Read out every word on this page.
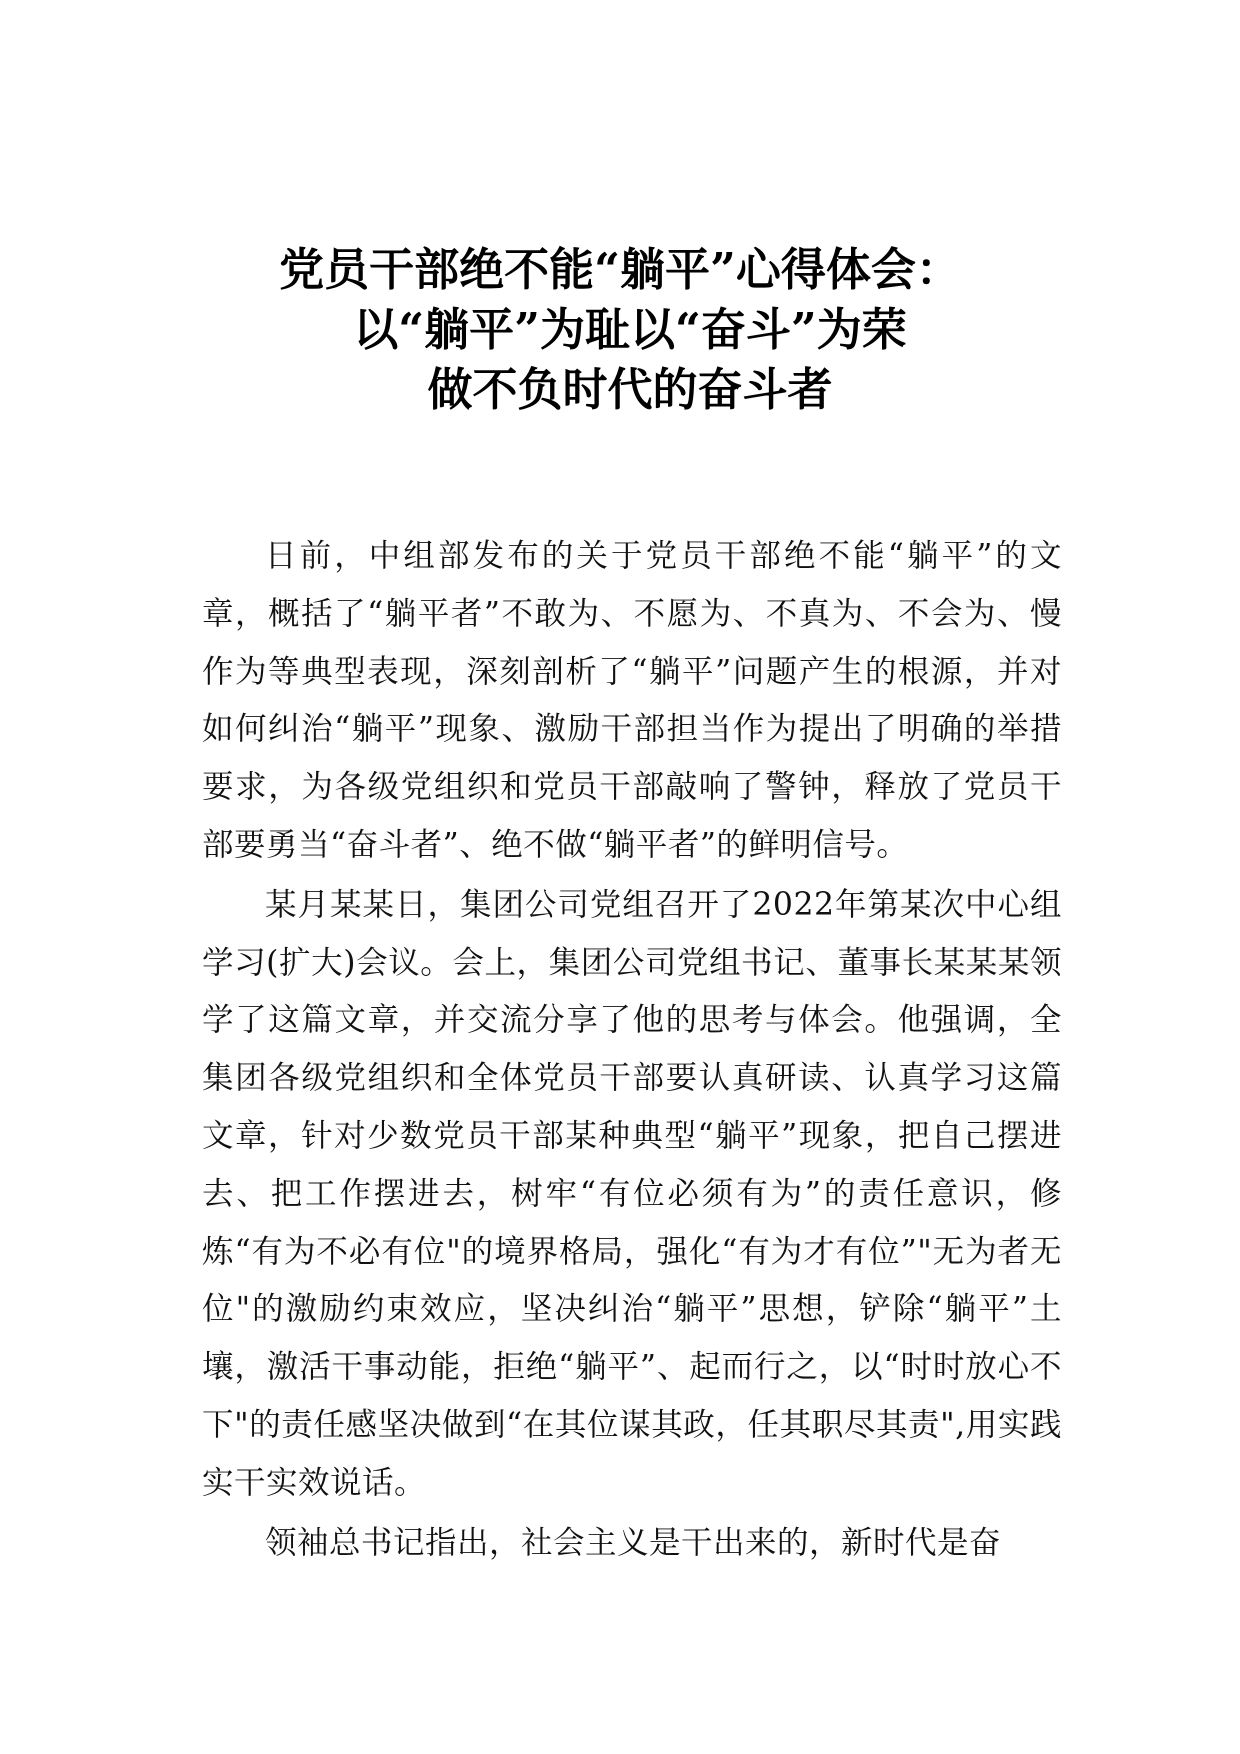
党员干部绝不能“躺平”心得体会：
以“躺平”为耻以“奋斗”为荣
做不负时代的奋斗者

日前，中组部发布的关于党员干部绝不能“躺平”的文章，概括了“躺平者”不敢为、不愿为、不真为、不会为、慢作为等典型表现，深刻剖析了“躺平”问题产生的根源，并对如何纠治“躺平”现象、激励干部担当作为提出了明确的举措要求，为各级党组织和党员干部敲响了警钟，释放了党员干部要勇当“奋斗者”、绝不做“躺平者”的鲜明信号。

某月某某日，集团公司党组召开了2022年第某次中心组学习(扩大)会议。会上，集团公司党组书记、董事长某某某领学了这篇文章，并交流分享了他的思考与体会。他强调，全集团各级党组织和全体党员干部要认真研读、认真学习这篇文章，针对少数党员干部某种典型“躺平”现象，把自己摆进去、把工作摆进去，树牢“有位必须有为”的责任意识，修炼“有为不必有位"的境界格局，强化“有为才有位”"无为者无位"的激励约束效应，坚决纠治“躺平”思想，铲除“躺平”土壤，激活干事动能，拒绝“躺平”、起而行之，以“时时放心不下"的责任感坚决做到“在其位谋其政，任其职尽其责",用实践实干实效说话。

领袖总书记指出，社会主义是干出来的，新时代是奋
